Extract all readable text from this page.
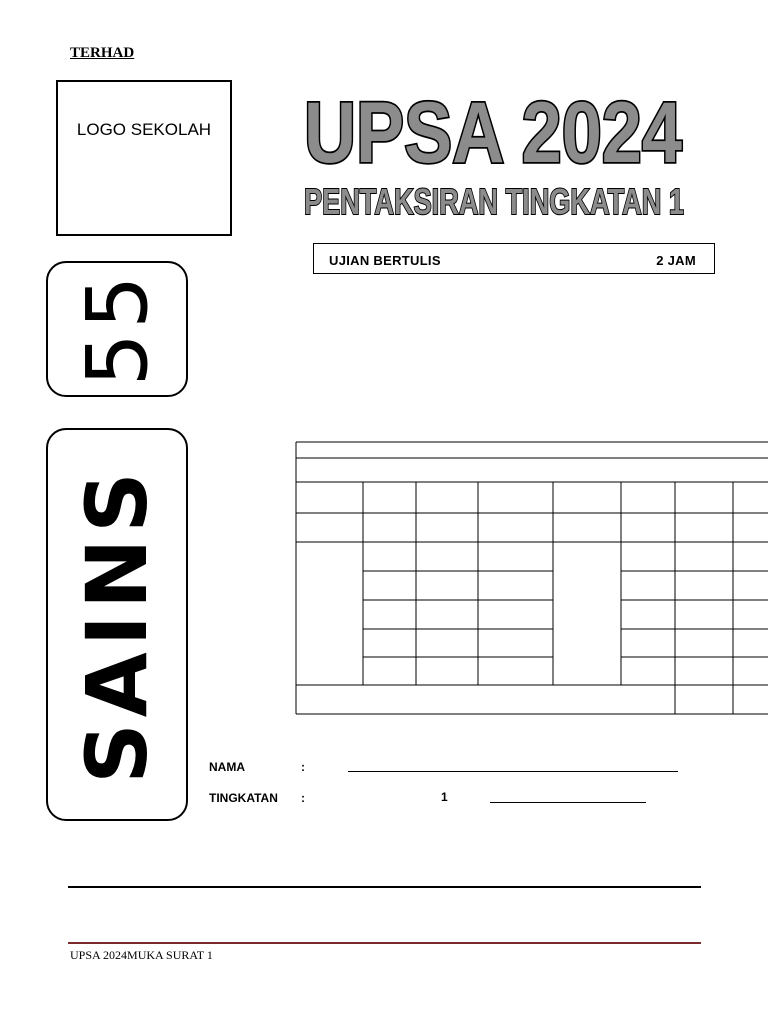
TERHAD
LOGO SEKOLAH UPSA 2024
PENTAKSIRAN TINGKATAN 1
UJIAN BERTULIS	2 JAM
55
SAINS	NAMA	:
TINGKATAN :	1
UPSA 2024MUKA SURAT 1
